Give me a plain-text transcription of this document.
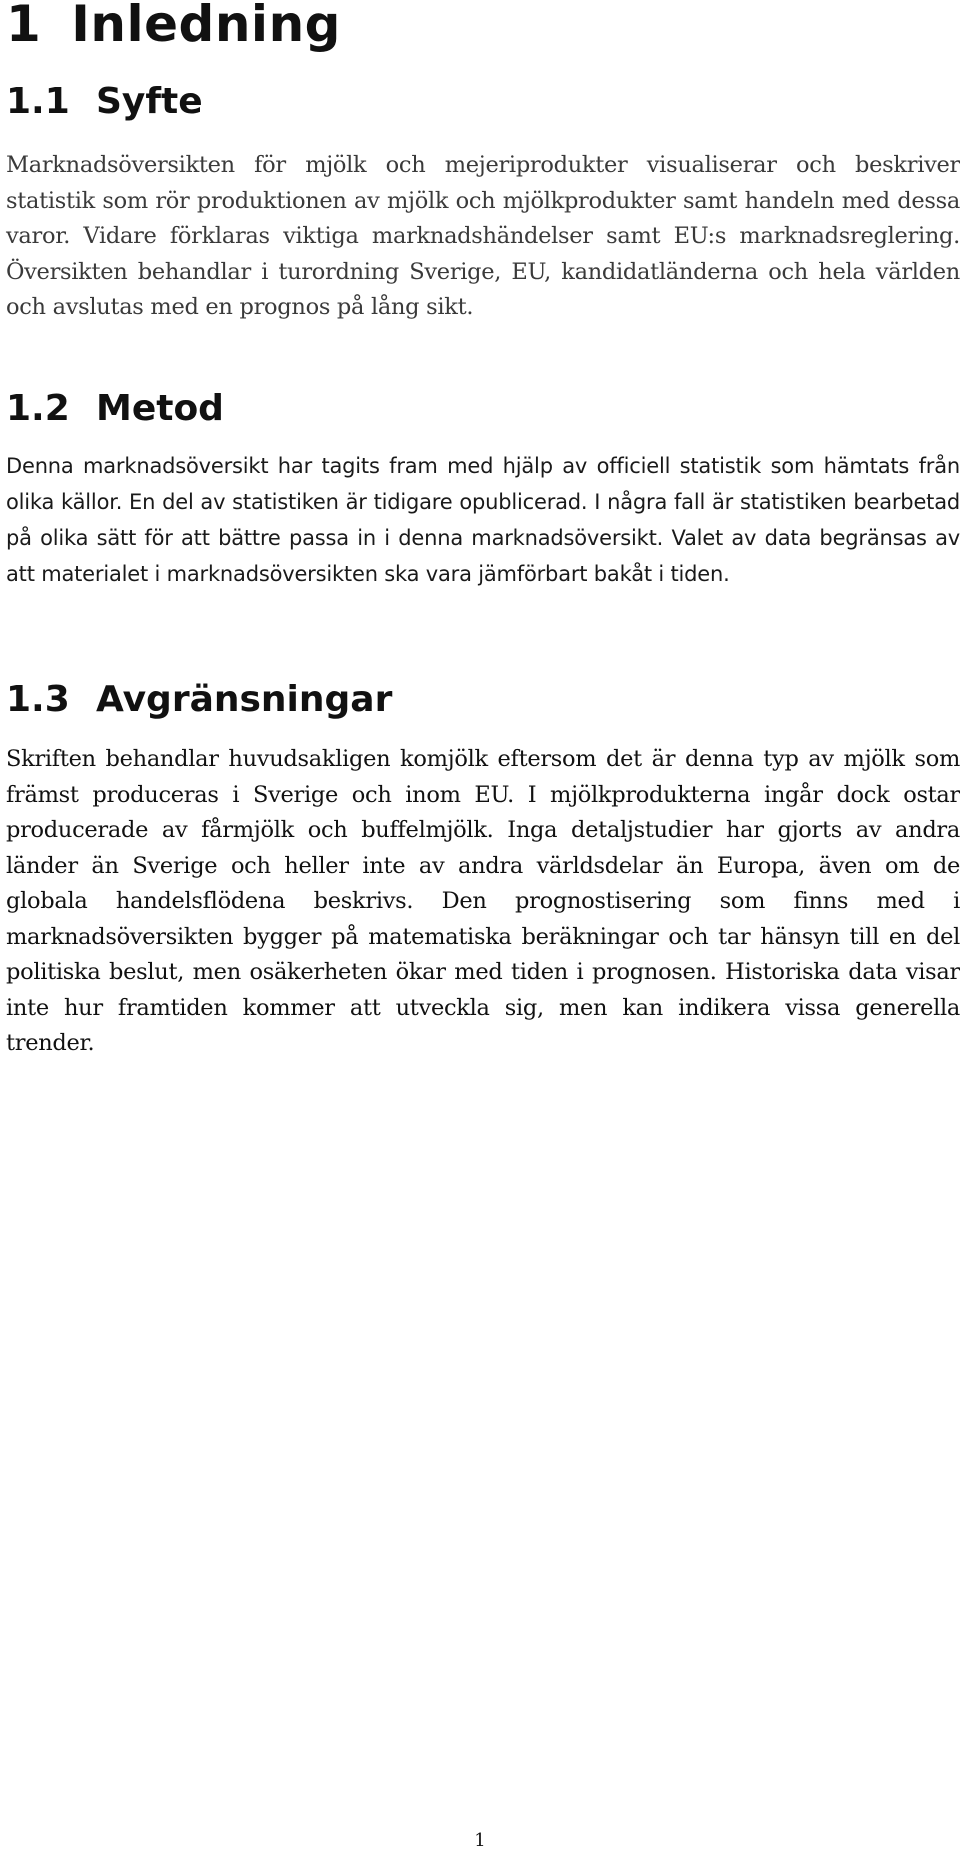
1 Inledning
1.1 Syfte

Marknadsöversikten för mjölk och mejeriprodukter visualiserar och beskriver statistik som rör produktionen av mjölk och mjölkprodukter samt handeln med dessa varor. Vidare förklaras viktiga marknadshändelser samt EU:s marknadsreglering. Översikten behandlar i turordning Sverige, EU, kandidatländerna och hela världen och avslutas med en prognos på lång sikt.

1.2 Metod

Denna marknadsöversikt har tagits fram med hjälp av officiell statistik som hämtats från olika källor. En del av statistiken är tidigare opublicerad. I några fall är statistiken bearbetad på olika sätt för att bättre passa in i denna marknadsöversikt. Valet av data begränsas av att materialet i marknadsöversikten ska vara jämförbart bakåt i tiden.

1.3 Avgränsningar

Skriften behandlar huvudsakligen komjölk eftersom det är denna typ av mjölk som främst produceras i Sverige och inom EU. I mjölkprodukterna ingår dock ostar producerade av fårmjölk och buffelmjölk. Inga detaljstudier har gjorts av andra länder än Sverige och heller inte av andra världsdelar än Europa, även om de globala handelsflödena beskrivs. Den prognostisering som finns med i marknadsöversikten bygger på matematiska beräkningar och tar hänsyn till en del politiska beslut, men osäkerheten ökar med tiden i prognosen. Historiska data visar inte hur framtiden kommer att utveckla sig, men kan indikera vissa generella trender.

1
